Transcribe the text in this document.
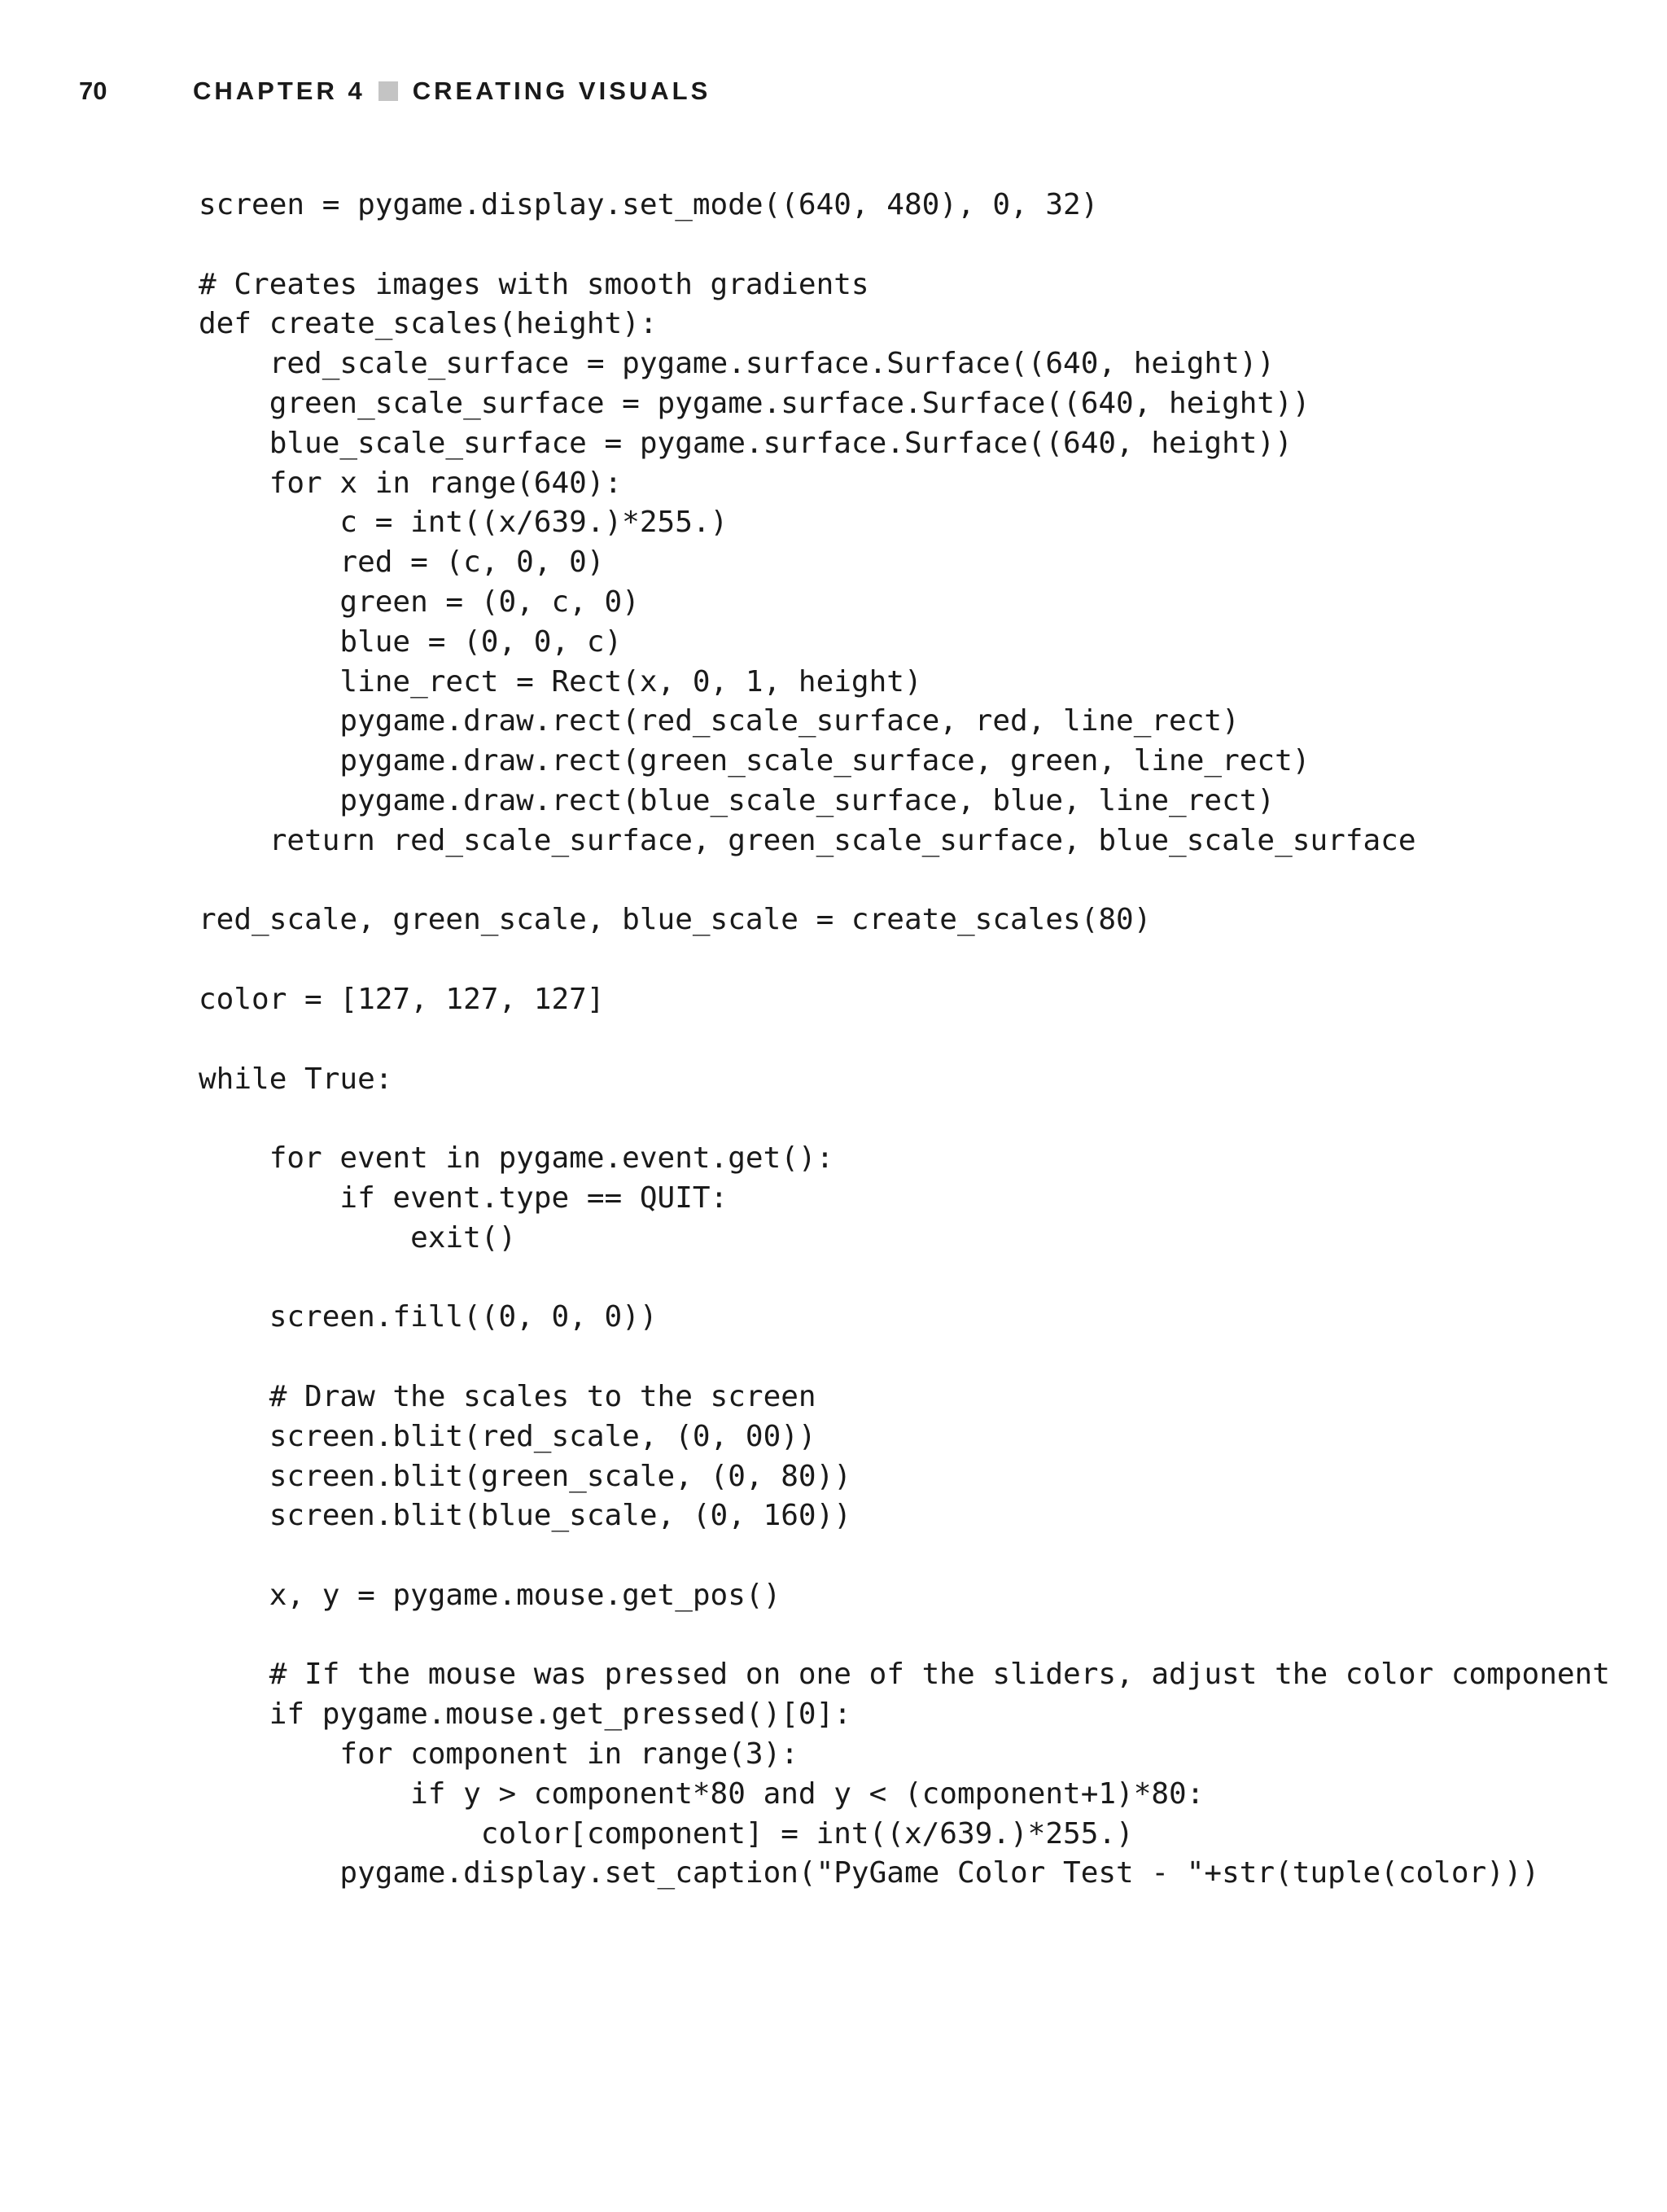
70	CHAPTER 4 CREATING VISUALS
screen = pygame.display.set_mode((640, 480), 0, 32)
# Creates images with smooth gradients
def create_scales(height):
red_scale_surface = pygame.surface.Surface((640, height))
green_scale_surface = pygame.surface.Surface((640, height))
blue_scale_surface = pygame.surface.Surface((640, height))
for x in range(640):
c = int((x/639.)*255.)
red = (c, 0, 0)
green = (0, c, 0)
blue = (0, 0, c)
line_rect = Rect(x, 0, 1, height)
pygame.draw.rect(red_scale_surface, red, line_rect)
pygame.draw.rect(green_scale_surface, green, line_rect)
pygame.draw.rect(blue_scale_surface, blue, line_rect)
return red_scale_surface, green_scale_surface, blue_scale_surface
red_scale, green_scale, blue_scale = create_scales(80)
color = [127, 127, 127]
while True:
for event in pygame.event.get():
if event.type == QUIT:
exit()
screen.fill((0, 0, 0))
# Draw the scales to the screen
screen.blit(red_scale, (0, 00))
screen.blit(green_scale, (0, 80))
screen.blit(blue_scale, (0, 160))
x, y = pygame.mouse.get_pos()
# If the mouse was pressed on one of the sliders, adjust the color component
if pygame.mouse.get_pressed()[0]:
for component in range(3):
if y > component*80 and y < (component+1)*80:
color[component] = int((x/639.)*255.)
pygame.display.set_caption("PyGame Color Test - "+str(tuple(color)))
